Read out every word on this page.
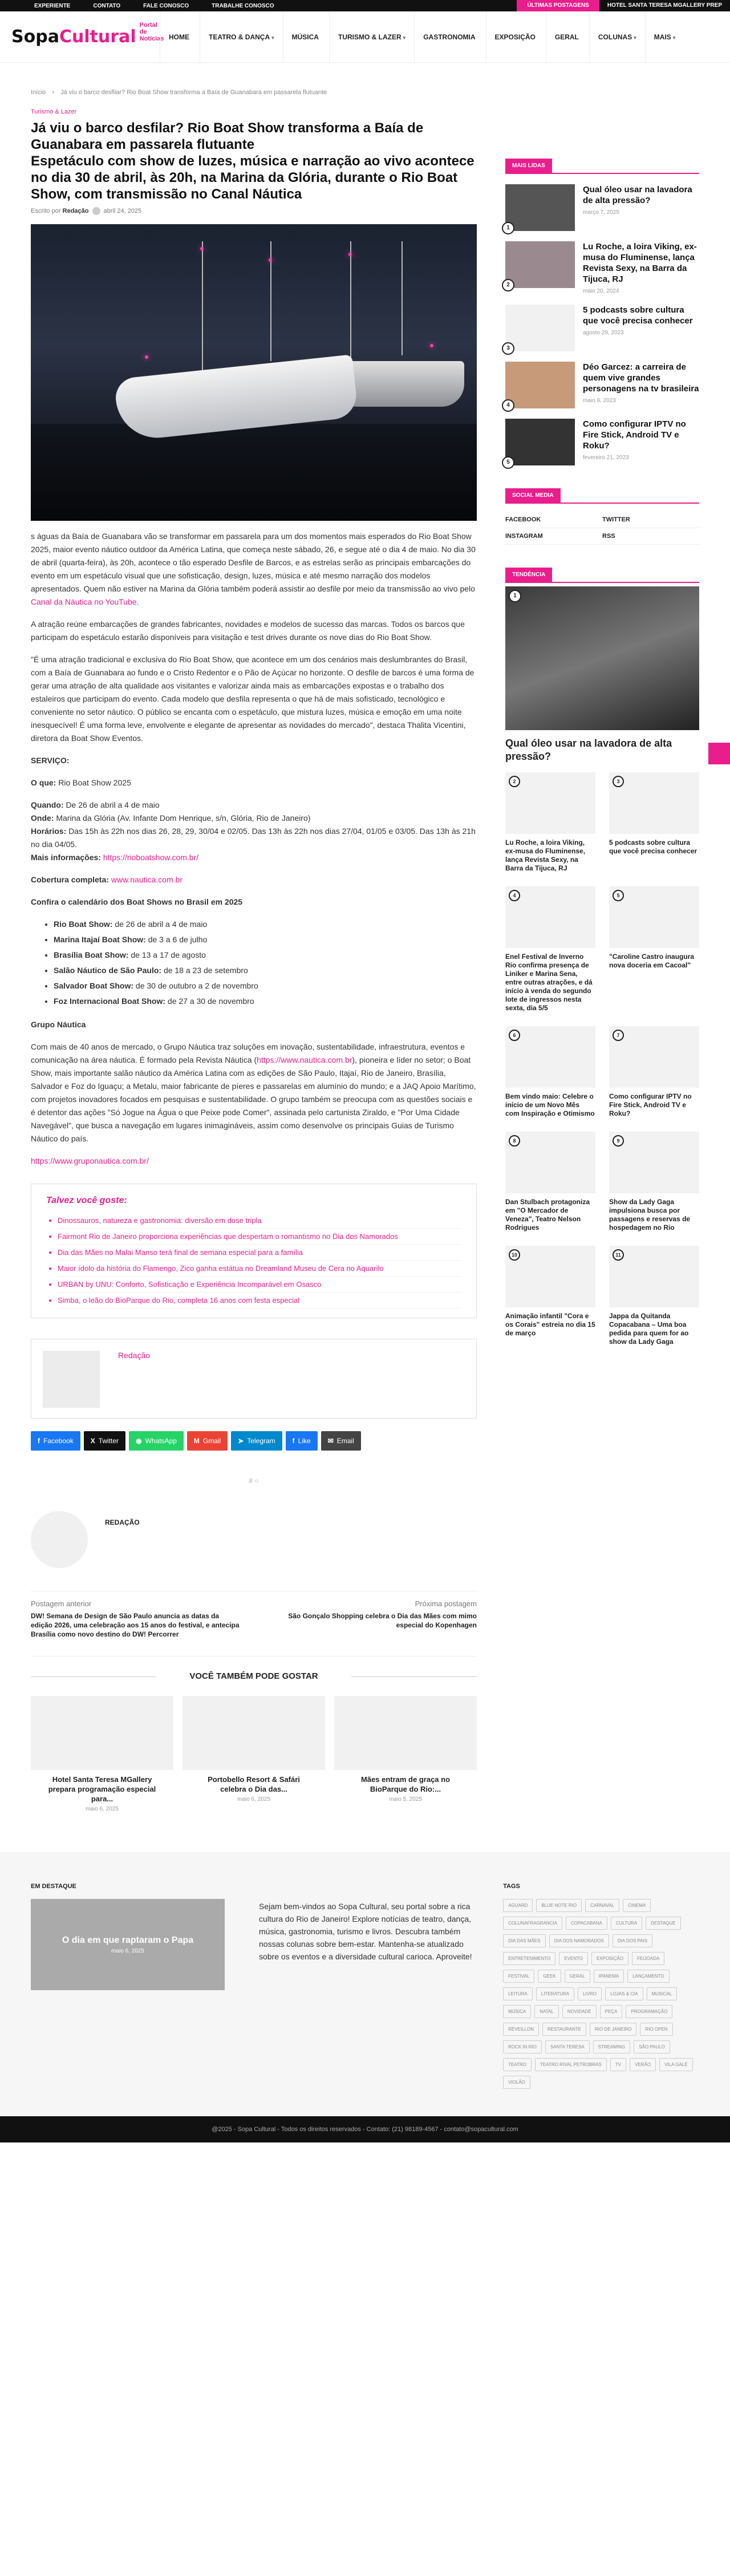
EXPERIENTE	CONTATO	FALE CONOSCO	TRABALHE CONOSCO	ÚLTIMAS POSTAGENS	HOTEL SANTA TERESA MGALLERY PREP
SopaCultural
Portal de Notícias HOME	TEATRO & DANÇA ▾	MÚSICA	TURISMO & LAZER ▾	GASTRONOMIA	EXPOSIÇÃO	GERAL	COLUNAS ▾	MAIS ▾
Início › Já viu o barco desfilar? Rio Boat Show transforma a Baía de Guanabara em passarela flutuante
Turismo & Lazer
Já viu o barco desfilar? Rio Boat Show transforma a Baía de Guanabara em passarela flutuante
Espetáculo com show de luzes, música e narração ao vivo acontece no dia 30 de abril, às 20h, na Marina da Glória, durante o Rio Boat Show, com transmissão no Canal Náutica
Escrito por
Redação abril 24, 2025

s águas da Baía de Guanabara vão se transformar em passarela para um dos momentos mais esperados do Rio Boat Show 2025, maior evento náutico outdoor da América Latina, que começa neste sábado, 26, e segue até o dia 4 de maio. No dia 30 de abril (quarta-feira), às 20h, acontece o tão esperado Desfile de Barcos, e as estrelas serão as principais embarcações do evento em um espetáculo visual que une sofisticação, design, luzes, música e até mesmo narração dos modelos apresentados. Quem não estiver na Marina da Glória também poderá assistir ao desfile por meio da transmissão ao vivo pelo Canal da Náutica no YouTube.

A atração reúne embarcações de grandes fabricantes, novidades e modelos de sucesso das marcas. Todos os barcos que participam do espetáculo estarão disponíveis para visitação e test drives durante os nove dias do Rio Boat Show.

"É uma atração tradicional e exclusiva do Rio Boat Show, que acontece em um dos cenários mais deslumbrantes do Brasil, com a Baía de Guanabara ao fundo e o Cristo Redentor e o Pão de Açúcar no horizonte. O desfile de barcos é uma forma de gerar uma atração de alta qualidade aos visitantes e valorizar ainda mais as embarcações expostas e o trabalho dos estaleiros que participam do evento. Cada modelo que desfila representa o que há de mais sofisticado, tecnológico e conveniente no setor náutico. O público se encanta com o espetáculo, que mistura luzes, música e emoção em uma noite inesquecível! É uma forma leve, envolvente e elegante de apresentar as novidades do mercado", destaca Thalita Vicentini, diretora da Boat Show Eventos.

SERVIÇO:

O que: Rio Boat Show 2025

Quando: De 26 de abril a 4 de maio
Onde: Marina da Glória (Av. Infante Dom Henrique, s/n, Glória, Rio de Janeiro)
Horários: Das 15h às 22h nos dias 26, 28, 29, 30/04 e 02/05. Das 13h às 22h nos dias 27/04, 01/05 e 03/05. Das 13h às 21h no dia 04/05.
Mais informações: https://rioboatshow.com.br/

Cobertura completa: www.nautica.com.br

Confira o calendário dos Boat Shows no Brasil em 2025

• Rio Boat Show: de 26 de abril a 4 de maio
• Marina Itajaí Boat Show: de 3 a 6 de julho
• Brasília Boat Show: de 13 a 17 de agosto
• Salão Náutico de São Paulo: de 18 a 23 de setembro
• Salvador Boat Show: de 30 de outubro a 2 de novembro
• Foz Internacional Boat Show: de 27 a 30 de novembro

Grupo Náutica

Com mais de 40 anos de mercado, o Grupo Náutica traz soluções em inovação, sustentabilidade, infraestrutura, eventos e comunicação na área náutica. É formado pela Revista Náutica (https://www.nautica.com.br), pioneira e líder no setor; o Boat Show, mais importante salão náutico da América Latina com as edições de São Paulo, Itajaí, Rio de Janeiro, Brasília, Salvador e Foz do Iguaçu; a Metalu, maior fabricante de píeres e passarelas em alumínio do mundo; e a JAQ Apoio Marítimo, com projetos inovadores focados em pesquisas e sustentabilidade. O grupo também se preocupa com as questões sociais e é detentor das ações "Só Jogue na Água o que Peixe pode Comer", assinada pelo cartunista Ziraldo, e "Por Uma Cidade Navegável", que busca a navegação em lugares inimagináveis, assim como desenvolve os principais Guias de Turismo Náutico do país.

https://www.gruponautica.com.br/

Talvez você goste:
• Dinossauros, natureza e gastronomia: diversão em dose tripla
• Fairmont Rio de Janeiro proporciona experiências que despertam o romantismo no Dia dos Namorados
• Dia das Mães no Malai Manso terá final de semana especial para a família
• Maior ídolo da história do Flamengo, Zico ganha estátua no Dreamland Museu de Cera no Aquarilo
• URBAN by UNU: Conforto, Sofisticação e Experiência Incomparável em Osasco
• Simba, o leão do BioParque do Rio, completa 16 anos com festa especial
Redação
f Facebook	X Twitter	◉ WhatsApp	M Gmail	➤ Telegram	f Like	✉ Email
# ○
REDAÇÃO
Postagem anterior
DW! Semana de Design de São Paulo anuncia as datas da edição 2026, uma celebração aos 15 anos do festival, e antecipa Brasília como novo destino do DW! Percorrer
Próxima postagem
São Gonçalo Shopping celebra o Dia das Mães com mimo especial do Kopenhagen
VOCÊ TAMBÉM PODE GOSTAR
Hotel Santa Teresa MGallery prepara programação especial para...
maio 6, 2025
Portobello Resort & Safári celebra o Dia das...
maio 6, 2025
Mães entram de graça no BioParque do Rio:...
maio 5, 2025
MAIS LIDAS
1
Qual óleo usar na lavadora de alta pressão?
março 7, 2025
2
Lu Roche, a loira Viking, ex-musa do Fluminense, lança Revista Sexy, na Barra da Tijuca, RJ
maio 20, 2024
3
5 podcasts sobre cultura que você precisa conhecer
agosto 29, 2023
4
Déo Garcez: a carreira de quem vive grandes personagens na tv brasileira
maio 9, 2023
5
Como configurar IPTV no Fire Stick, Android TV e Roku?
fevereiro 21, 2023
SOCIAL MEDIA
FACEBOOK	TWITTER
INSTAGRAM	RSS
TENDÊNCIA
1
Qual óleo usar na lavadora de alta pressão?
2
Lu Roche, a loira Viking, ex-musa do Fluminense, lança Revista Sexy, na Barra da Tijuca, RJ
3
5 podcasts sobre cultura que você precisa conhecer
4
Enel Festival de Inverno Rio confirma presença de Liniker e Marina Sena, entre outras atrações, e dá início à venda do segundo lote de ingressos nesta sexta, dia 5/5
5
"Caroline Castro inaugura nova doceria em Cacoal"
6
Bem vindo maio: Celebre o início de um Novo Mês com Inspiração e Otimismo
7
Como configurar IPTV no Fire Stick, Android TV e Roku?
8
Dan Stulbach protagoniza em "O Mercador de Veneza", Teatro Nelson Rodrigues
9
Show da Lady Gaga impulsiona busca por passagens e reservas de hospedagem no Rio
10
Animação infantil "Cora e os Corais" estreia no dia 15 de março
11
Jappa da Quitanda Copacabana – Uma boa pedida para quem for ao show da Lady Gaga
EM DESTAQUE
O dia em que raptaram o Papa
maio 6, 2025
Sejam bem-vindos ao Sopa Cultural, seu portal sobre a rica cultura do Rio de Janeiro! Explore notícias de teatro, dança, música, gastronomia, turismo e livros. Descubra também nossas colunas sobre bem-estar. Mantenha-se atualizado sobre os eventos e a diversidade cultural carioca. Aproveite!
TAGS
AGUARD	BLUE NOTE RIO	CARNAVAL	CINEMA
COLUNAFRAGRANCIA	COPACABANA	CULTURA	DESTAQUE
DIA DAS MÃES	DIA DOS NAMORADOS	DIA DOS PAIS
ENTRETENIMENTO	EVENTO	EXPOSIÇÃO	FEIJOADA
FESTIVAL	GEEK	GERAL	IPANEMA	LANÇAMENTO
LEITURA	LITERATURA	LIVRO	LOJAS & CIA	MUSICAL
MÚSICA	NATAL	NOVIDADE	PEÇA	PROGRAMAÇÃO
RÉVEILLON	RESTAURANTE	RIO DE JANEIRO	RIO OPEN
ROCK IN RIO	SANTA TERESA	STREAMING	SÃO PAULO
TEATRO	TEATRO RIVAL PETROBRAS	TV	VERÃO	VILA GALÉ
VIOLÃO
@2025 - Sopa Cultural - Todos os direitos reservados - Contato: (21) 98189-4567 - contato@sopacultural.com
